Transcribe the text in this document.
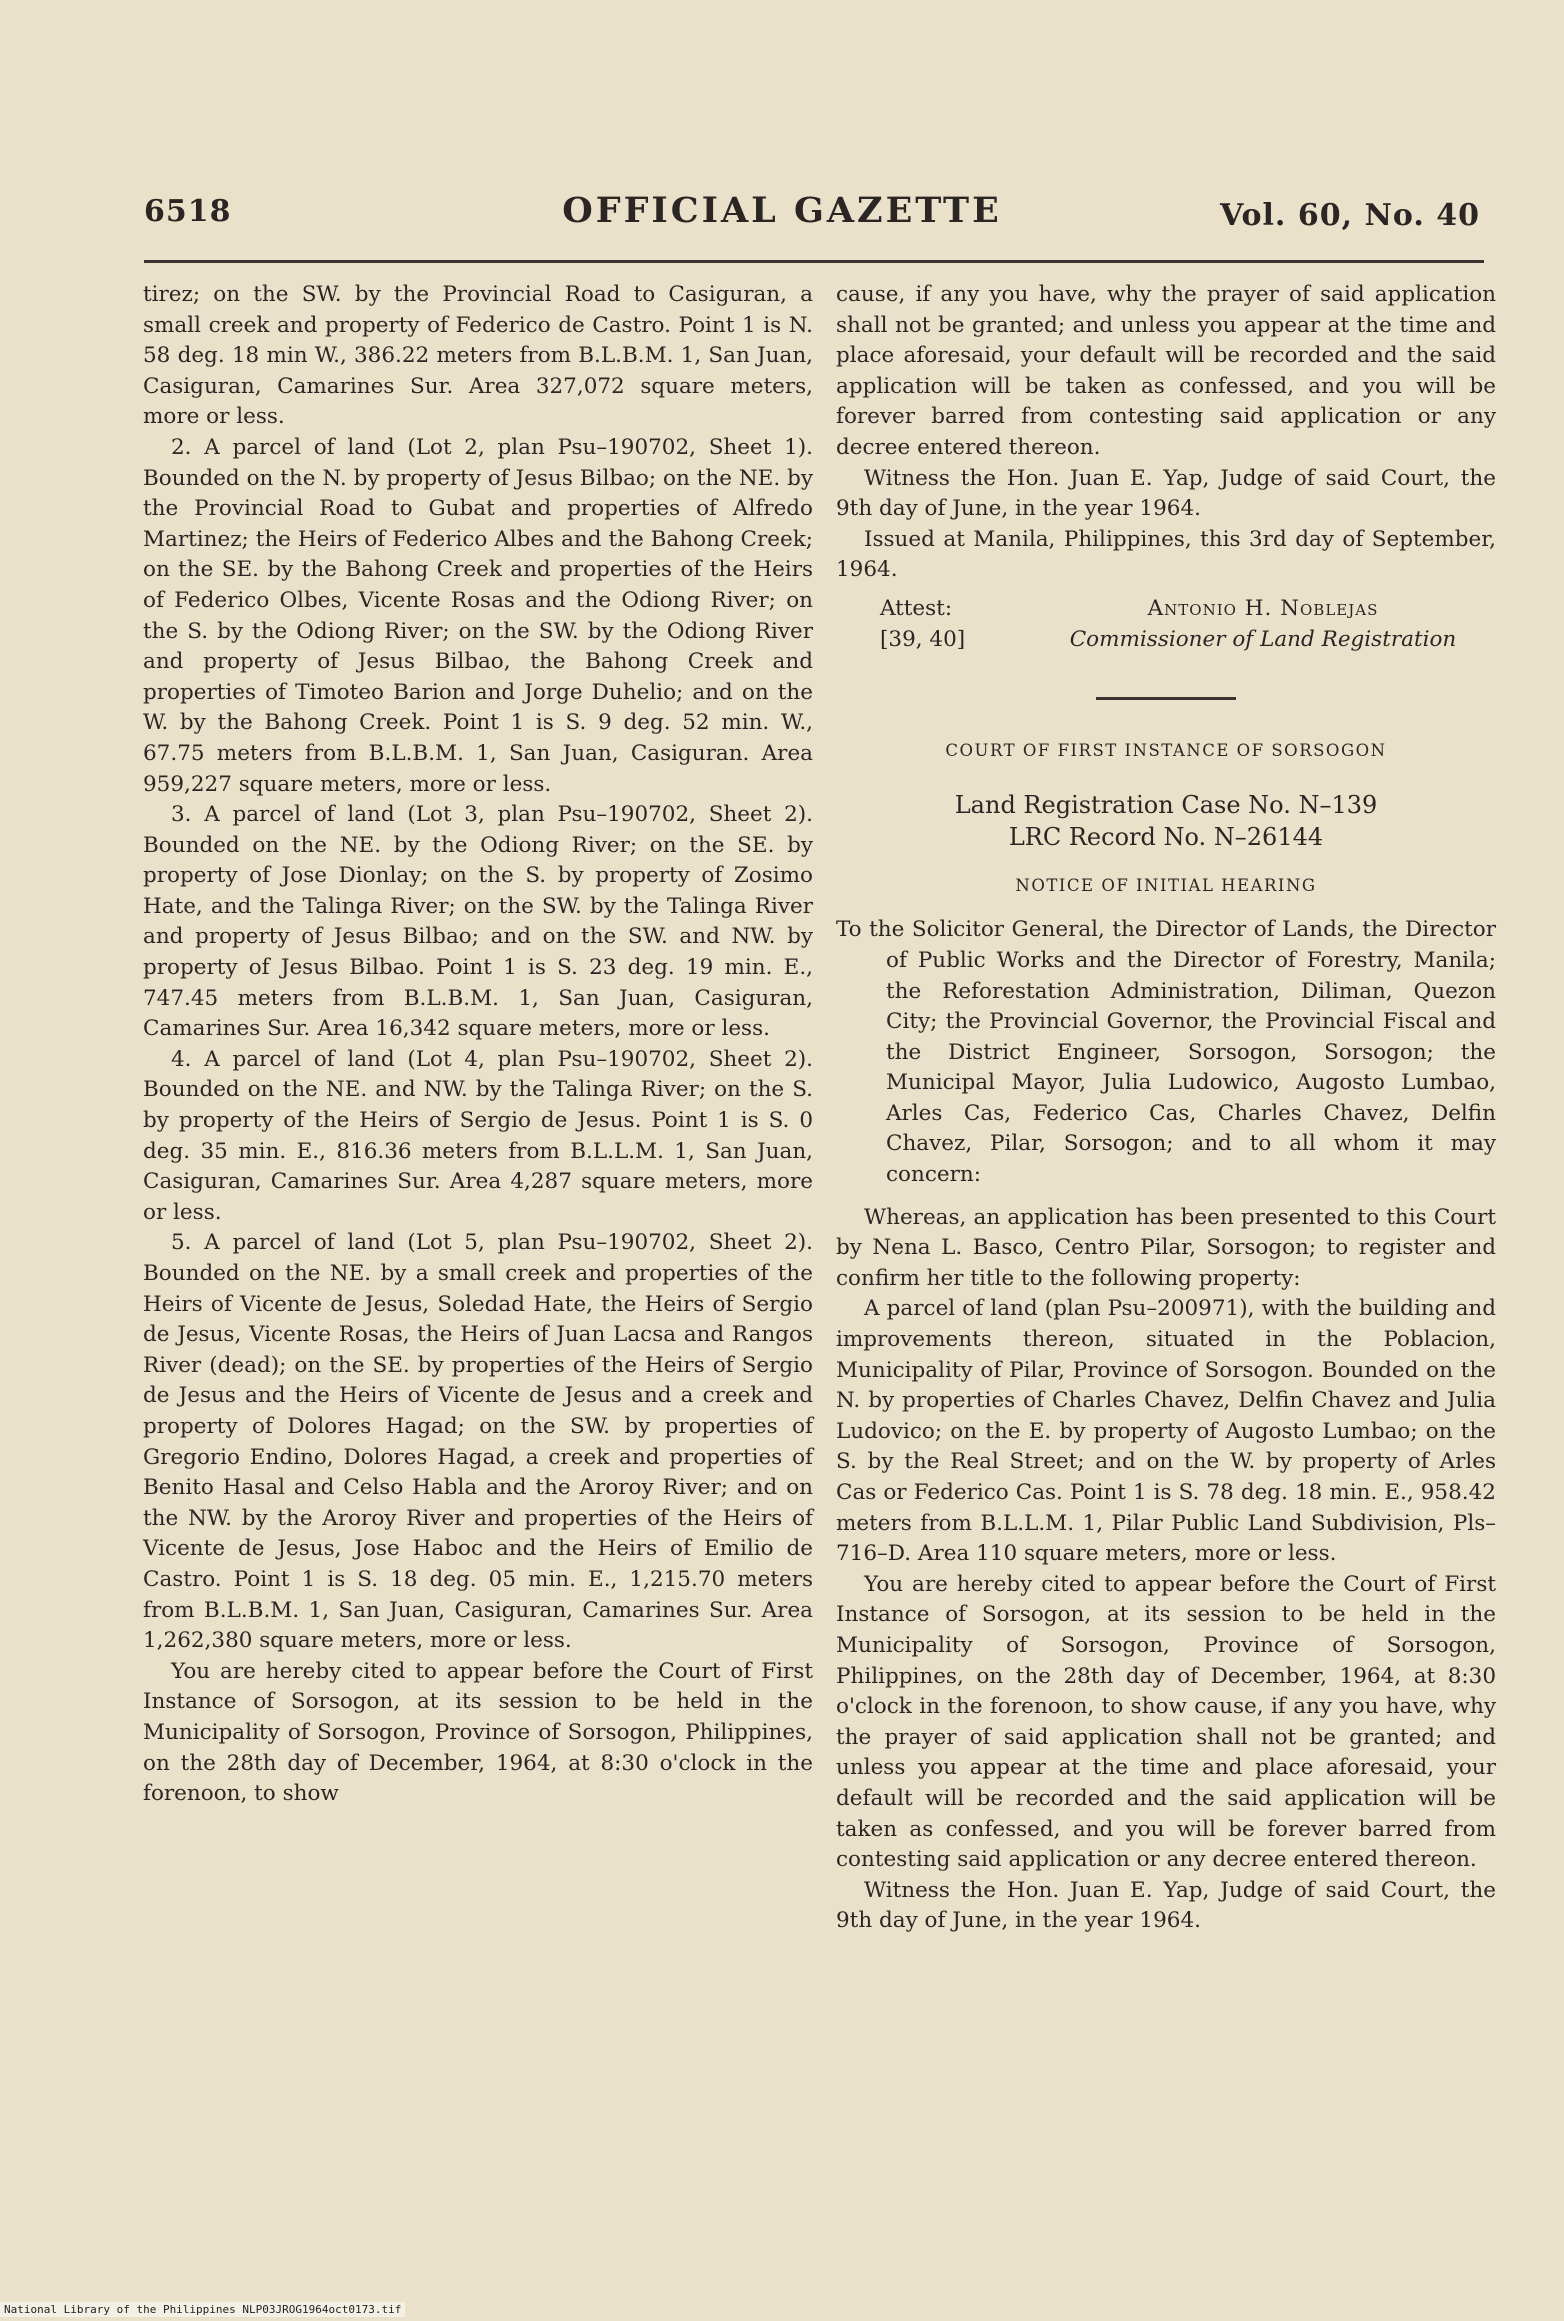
6518	OFFICIAL GAZETTE	Vol. 60, No. 40

tirez; on the SW. by the Provincial Road to Casiguran, a small creek and property of Federico de Castro. Point 1 is N. 58 deg. 18 min W., 386.22 meters from B.L.B.M. 1, San Juan, Casiguran, Camarines Sur. Area 327,072 square meters, more or less.

2. A parcel of land (Lot 2, plan Psu–190702, Sheet 1). Bounded on the N. by property of Jesus Bilbao; on the NE. by the Provincial Road to Gubat and properties of Alfredo Martinez; the Heirs of Federico Albes and the Bahong Creek; on the SE. by the Bahong Creek and properties of the Heirs of Federico Olbes, Vicente Rosas and the Odiong River; on the S. by the Odiong River; on the SW. by the Odiong River and property of Jesus Bilbao, the Bahong Creek and properties of Timoteo Barion and Jorge Duhelio; and on the W. by the Bahong Creek. Point 1 is S. 9 deg. 52 min. W., 67.75 meters from B.L.B.M. 1, San Juan, Casiguran. Area 959,227 square meters, more or less.

3. A parcel of land (Lot 3, plan Psu–190702, Sheet 2). Bounded on the NE. by the Odiong River; on the SE. by property of Jose Dionlay; on the S. by property of Zosimo Hate, and the Talinga River; on the SW. by the Talinga River and property of Jesus Bilbao; and on the SW. and NW. by property of Jesus Bilbao. Point 1 is S. 23 deg. 19 min. E., 747.45 meters from B.L.B.M. 1, San Juan, Casiguran, Camarines Sur. Area 16,342 square meters, more or less.

4. A parcel of land (Lot 4, plan Psu–190702, Sheet 2). Bounded on the NE. and NW. by the Talinga River; on the S. by property of the Heirs of Sergio de Jesus. Point 1 is S. 0 deg. 35 min. E., 816.36 meters from B.L.L.M. 1, San Juan, Casiguran, Camarines Sur. Area 4,287 square meters, more or less.

5. A parcel of land (Lot 5, plan Psu–190702, Sheet 2). Bounded on the NE. by a small creek and properties of the Heirs of Vicente de Jesus, Soledad Hate, the Heirs of Sergio de Jesus, Vicente Rosas, the Heirs of Juan Lacsa and Rangos River (dead); on the SE. by properties of the Heirs of Sergio de Jesus and the Heirs of Vicente de Jesus and a creek and property of Dolores Hagad; on the SW. by properties of Gregorio Endino, Dolores Hagad, a creek and properties of Benito Hasal and Celso Habla and the Aroroy River; and on the NW. by the Aroroy River and properties of the Heirs of Vicente de Jesus, Jose Haboc and the Heirs of Emilio de Castro. Point 1 is S. 18 deg. 05 min. E., 1,215.70 meters from B.L.B.M. 1, San Juan, Casiguran, Camarines Sur. Area 1,262,380 square meters, more or less.

You are hereby cited to appear before the Court of First Instance of Sorsogon, at its session to be held in the Municipality of Sorsogon, Province of Sorsogon, Philippines, on the 28th day of December, 1964, at 8:30 o'clock in the forenoon, to show

cause, if any you have, why the prayer of said application shall not be granted; and unless you appear at the time and place aforesaid, your default will be recorded and the said application will be taken as confessed, and you will be forever barred from contesting said application or any decree entered thereon.

Witness the Hon. Juan E. Yap, Judge of said Court, the 9th day of June, in the year 1964.

Issued at Manila, Philippines, this 3rd day of September, 1964.

Attest:
[39, 40]
Antonio H. Noblejas
Commissioner of Land Registration
COURT OF FIRST INSTANCE OF SORSOGON
Land Registration Case No. N–139
LRC Record No. N–26144
NOTICE OF INITIAL HEARING
To the Solicitor General, the Director of Lands, the Director of Public Works and the Director of Forestry, Manila; the Reforestation Administration, Diliman, Quezon City; the Provincial Governor, the Provincial Fiscal and the District Engineer, Sorsogon, Sorsogon; the Municipal Mayor, Julia Ludowico, Augosto Lumbao, Arles Cas, Federico Cas, Charles Chavez, Delfin Chavez, Pilar, Sorsogon; and to all whom it may concern:

Whereas, an application has been presented to this Court by Nena L. Basco, Centro Pilar, Sorsogon; to register and confirm her title to the following property:

A parcel of land (plan Psu–200971), with the building and improvements thereon, situated in the Poblacion, Municipality of Pilar, Province of Sorsogon. Bounded on the N. by properties of Charles Chavez, Delfin Chavez and Julia Ludovico; on the E. by property of Augosto Lumbao; on the S. by the Real Street; and on the W. by property of Arles Cas or Federico Cas. Point 1 is S. 78 deg. 18 min. E., 958.42 meters from B.L.L.M. 1, Pilar Public Land Subdivision, Pls–716–D. Area 110 square meters, more or less.

You are hereby cited to appear before the Court of First Instance of Sorsogon, at its session to be held in the Municipality of Sorsogon, Province of Sorsogon, Philippines, on the 28th day of December, 1964, at 8:30 o'clock in the forenoon, to show cause, if any you have, why the prayer of said application shall not be granted; and unless you appear at the time and place aforesaid, your default will be recorded and the said application will be taken as confessed, and you will be forever barred from contesting said application or any decree entered thereon.

Witness the Hon. Juan E. Yap, Judge of said Court, the 9th day of June, in the year 1964.

National Library of the Philippines NLP03JROG1964oct0173.tif
